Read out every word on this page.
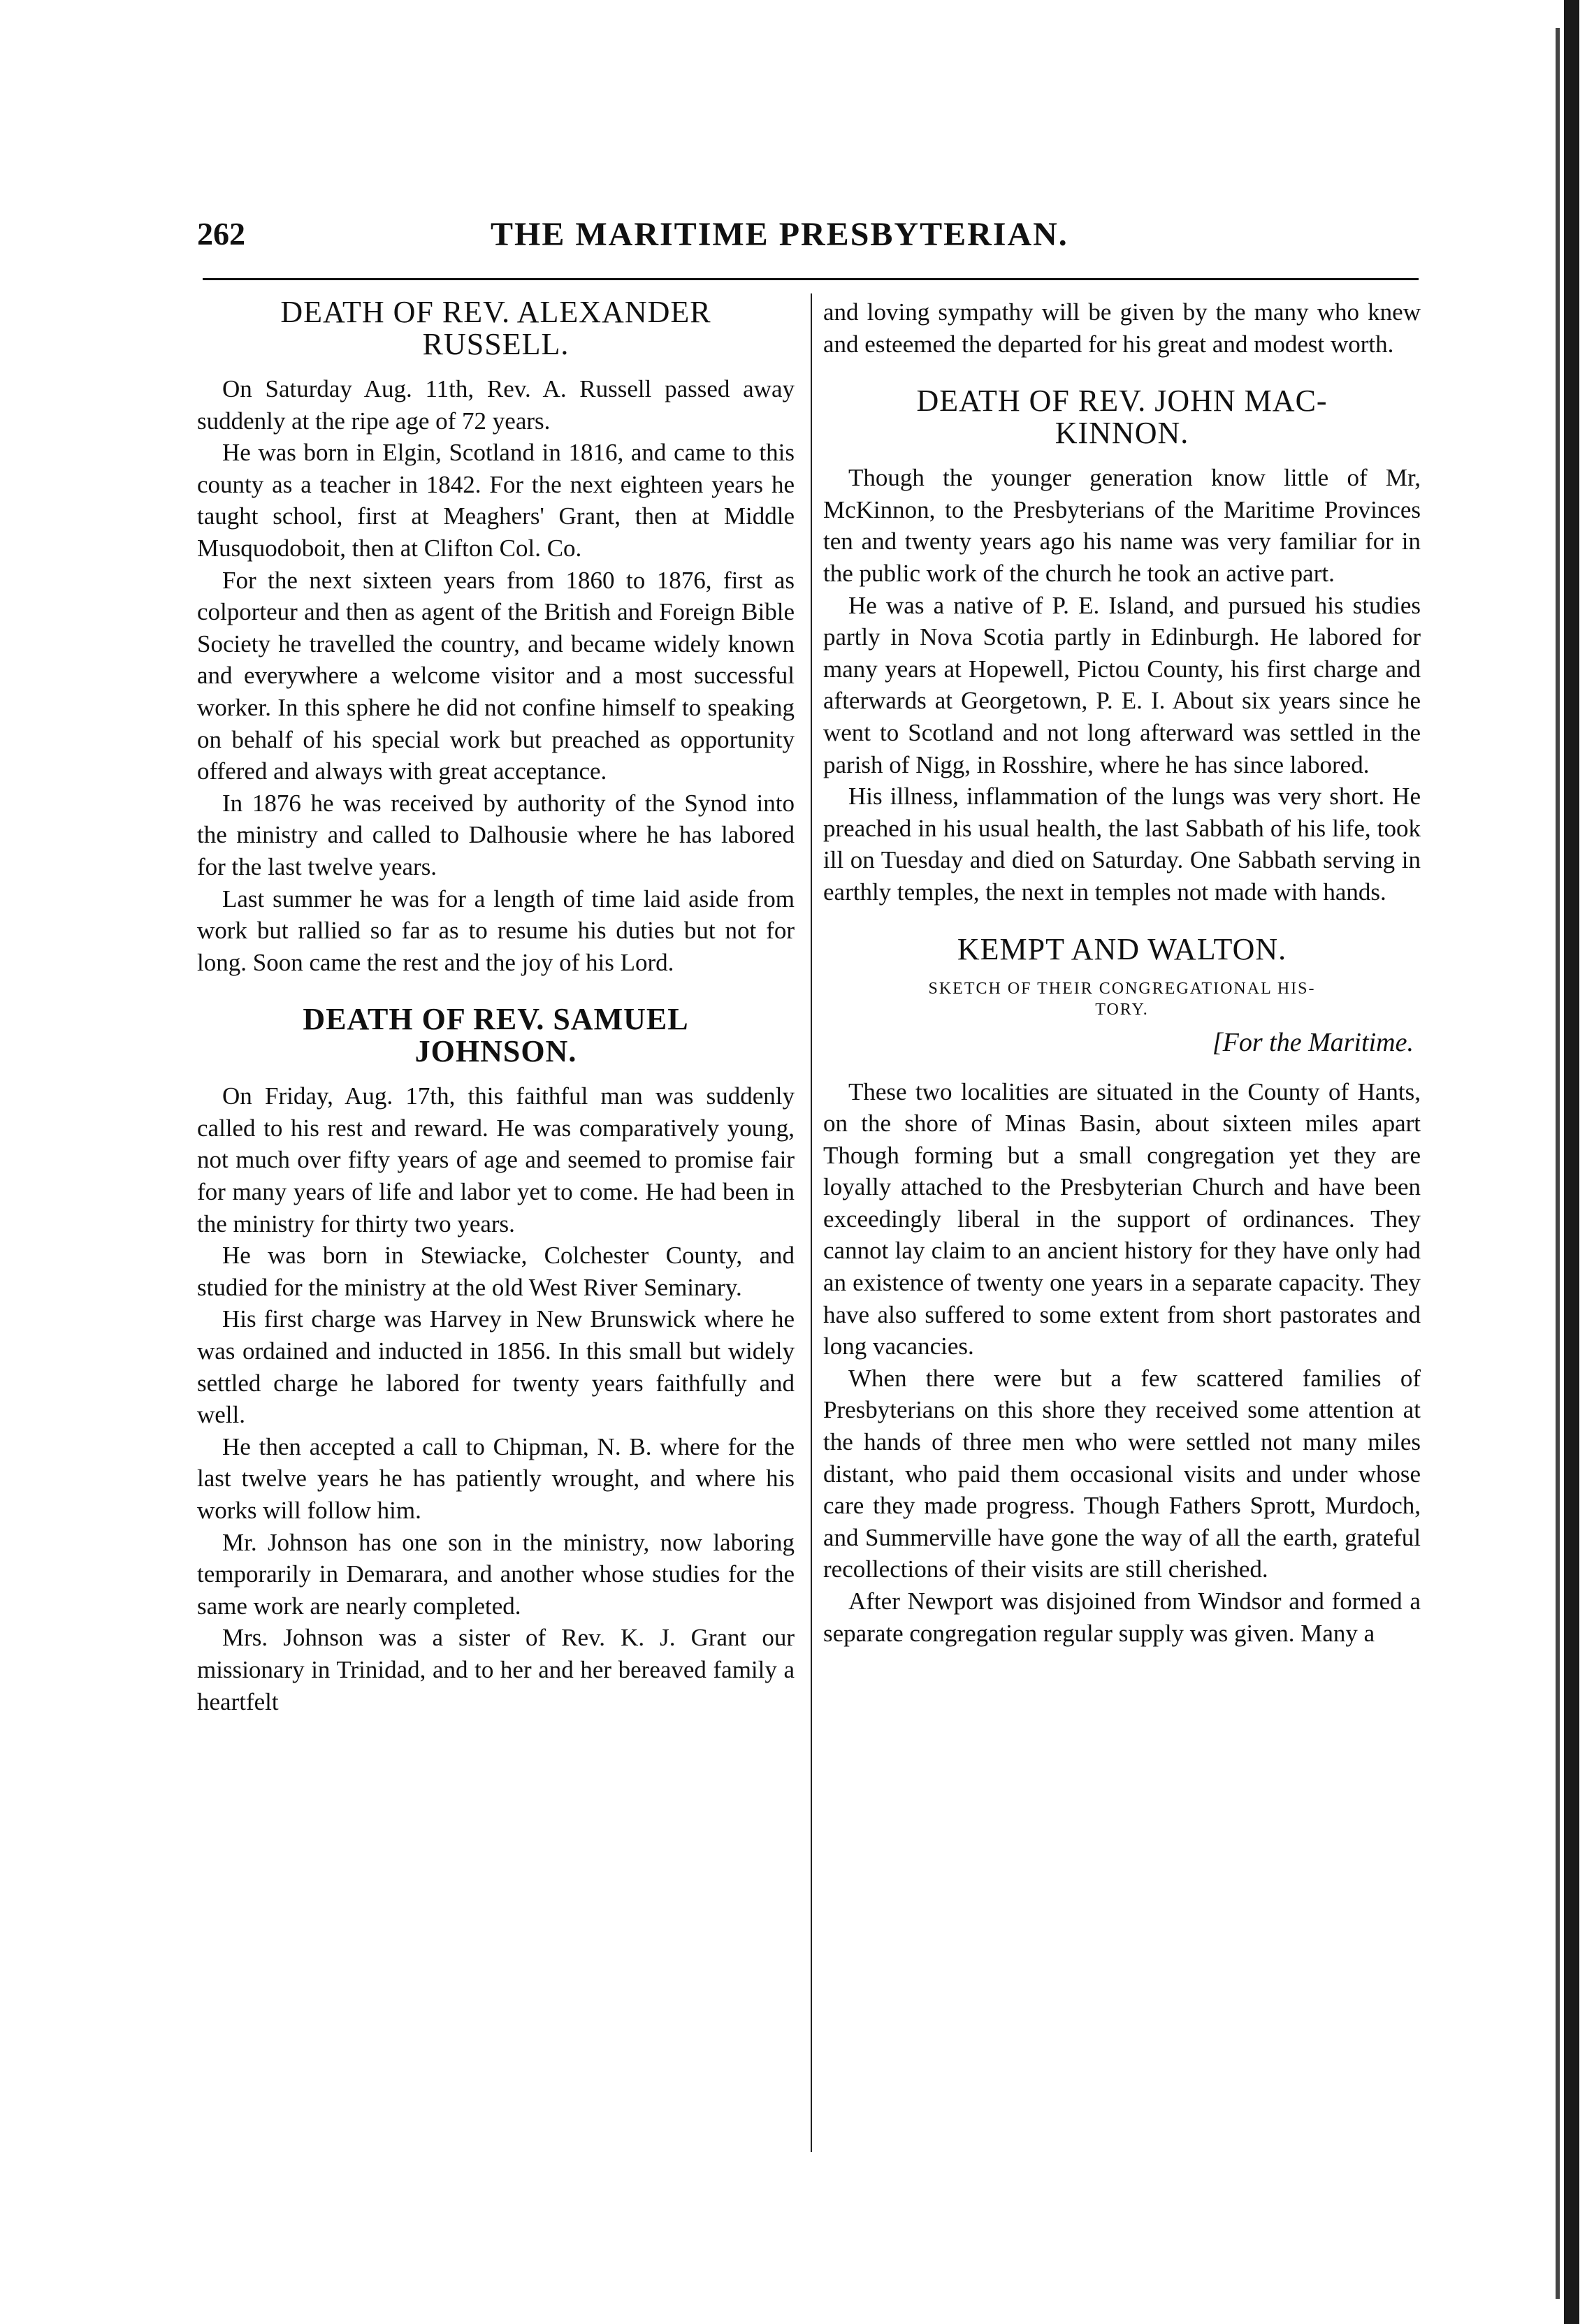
262	THE MARITIME PRESBYTERIAN.
DEATH OF REV. ALEXANDER
RUSSELL.

On Saturday Aug. 11th, Rev. A. Russell passed away suddenly at the ripe age of 72 years.

He was born in Elgin, Scotland in 1816, and came to this county as a teacher in 1842. For the next eighteen years he taught school, first at Meaghers' Grant, then at Middle Musquodoboit, then at Clifton Col. Co.

For the next sixteen years from 1860 to 1876, first as colporteur and then as agent of the British and Foreign Bible Society he travelled the country, and became widely known and everywhere a welcome visitor and a most successful worker. In this sphere he did not confine himself to speaking on behalf of his special work but preached as opportunity offered and always with great acceptance.

In 1876 he was received by authority of the Synod into the ministry and called to Dalhousie where he has labored for the last twelve years.

Last summer he was for a length of time laid aside from work but rallied so far as to resume his duties but not for long. Soon came the rest and the joy of his Lord.

DEATH OF REV. SAMUEL
JOHNSON.

On Friday, Aug. 17th, this faithful man was suddenly called to his rest and reward. He was comparatively young, not much over fifty years of age and seemed to promise fair for many years of life and labor yet to come. He had been in the ministry for thirty two years.

He was born in Stewiacke, Colchester County, and studied for the ministry at the old West River Seminary.

His first charge was Harvey in New Brunswick where he was ordained and inducted in 1856. In this small but widely settled charge he labored for twenty years faithfully and well.

He then accepted a call to Chipman, N. B. where for the last twelve years he has patiently wrought, and where his works will follow him.

Mr. Johnson has one son in the ministry, now laboring temporarily in Demarara, and another whose studies for the same work are nearly completed.

Mrs. Johnson was a sister of Rev. K. J. Grant our missionary in Trinidad, and to her and her bereaved family a heartfelt

and loving sympathy will be given by the many who knew and esteemed the departed for his great and modest worth.

DEATH OF REV. JOHN MAC-
KINNON.

Though the younger generation know little of Mr, McKinnon, to the Presbyterians of the Maritime Provinces ten and twenty years ago his name was very familiar for in the public work of the church he took an active part.

He was a native of P. E. Island, and pursued his studies partly in Nova Scotia partly in Edinburgh. He labored for many years at Hopewell, Pictou County, his first charge and afterwards at Georgetown, P. E. I. About six years since he went to Scotland and not long afterward was settled in the parish of Nigg, in Rosshire, where he has since labored.

His illness, inflammation of the lungs was very short. He preached in his usual health, the last Sabbath of his life, took ill on Tuesday and died on Saturday. One Sabbath serving in earthly temples, the next in temples not made with hands.

KEMPT AND WALTON.
SKETCH OF THEIR CONGREGATIONAL HIS-
TORY.
[For the Maritime.

These two localities are situated in the County of Hants, on the shore of Minas Basin, about sixteen miles apart Though forming but a small congregation yet they are loyally attached to the Presbyterian Church and have been exceedingly liberal in the support of ordinances. They cannot lay claim to an ancient history for they have only had an existence of twenty one years in a separate capacity. They have also suffered to some extent from short pastorates and long vacancies.

When there were but a few scattered families of Presbyterians on this shore they received some attention at the hands of three men who were settled not many miles distant, who paid them occasional visits and under whose care they made progress. Though Fathers Sprott, Murdoch, and Summerville have gone the way of all the earth, grateful recollections of their visits are still cherished.

After Newport was disjoined from Windsor and formed a separate congregation regular supply was given. Many a
